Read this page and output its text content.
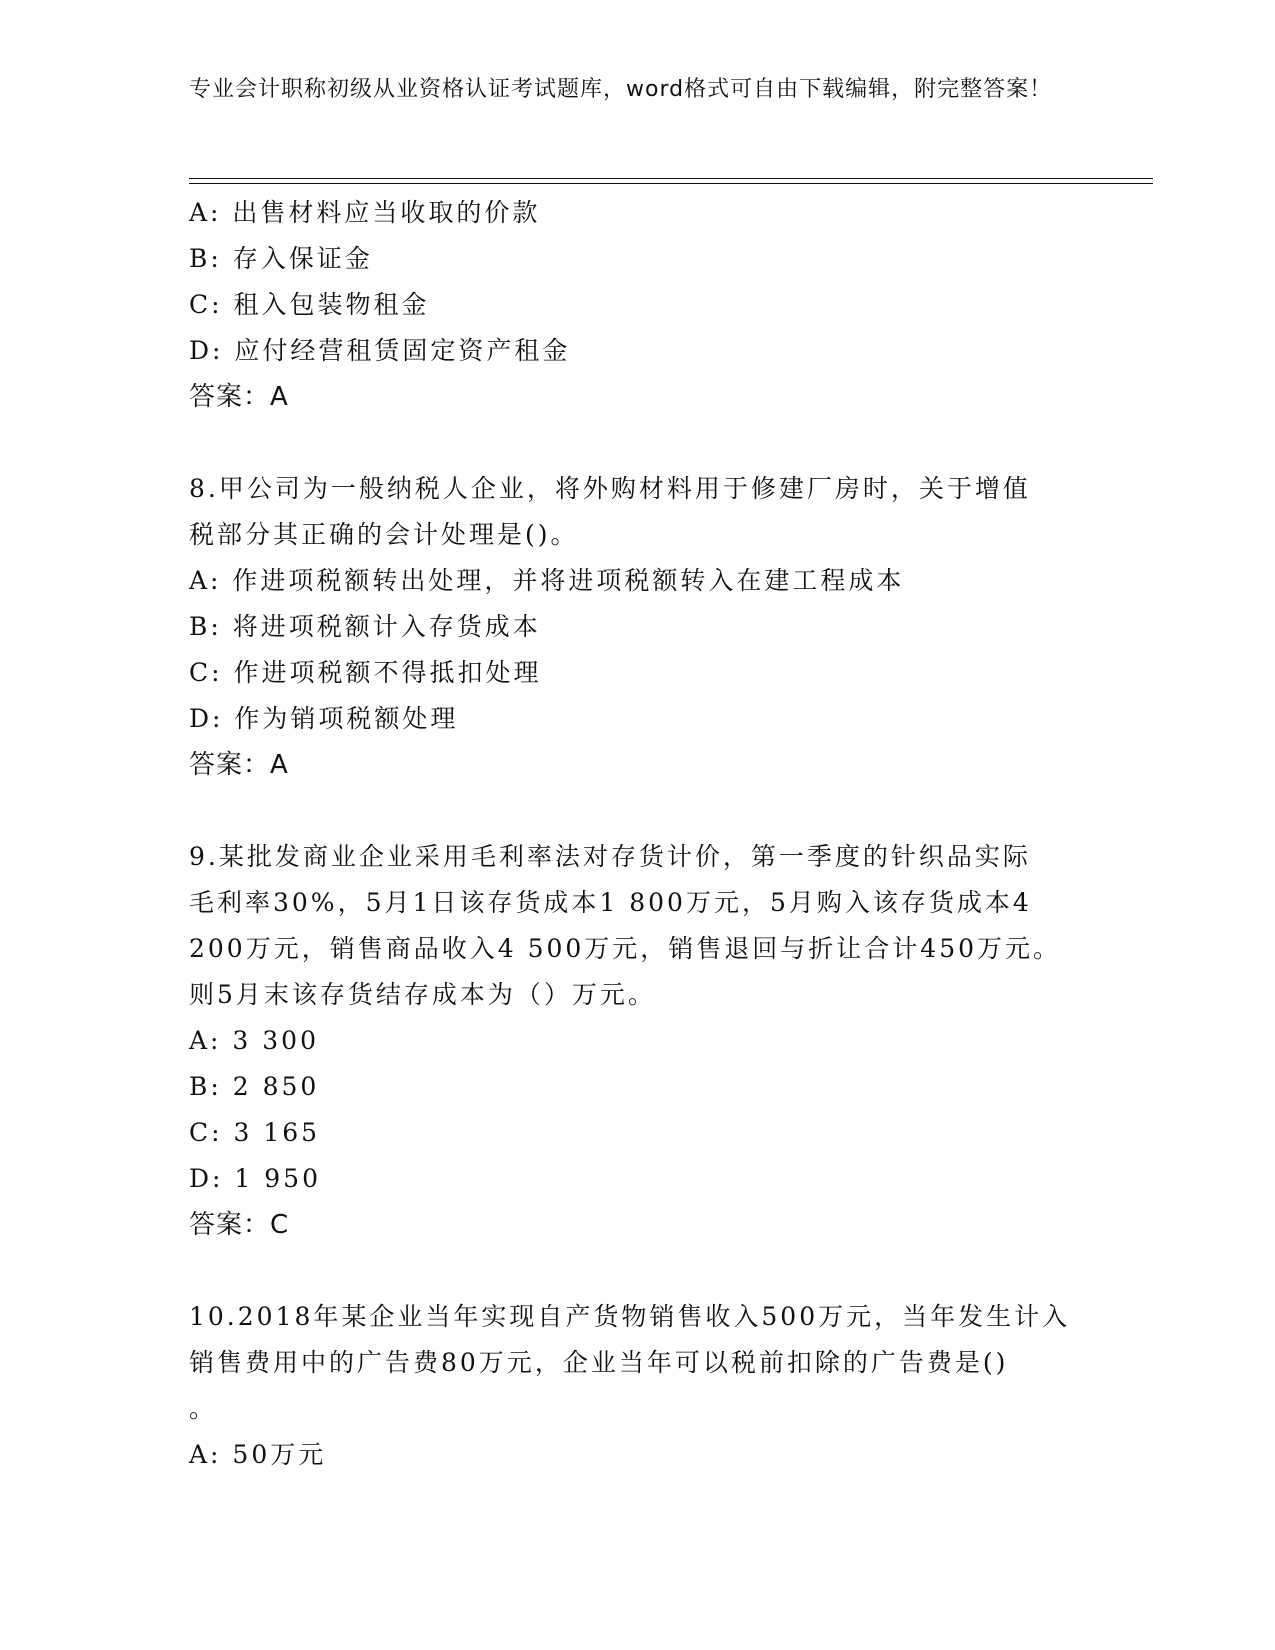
专业会计职称初级从业资格认证考试题库，word格式可自由下载编辑，附完整答案！
A: 出售材料应当收取的价款
B: 存入保证金
C: 租入包装物租金
D: 应付经营租赁固定资产租金
答案：A
8.甲公司为一般纳税人企业，将外购材料用于修建厂房时，关于增值
税部分其正确的会计处理是()。
A: 作进项税额转出处理，并将进项税额转入在建工程成本
B: 将进项税额计入存货成本
C: 作进项税额不得抵扣处理
D: 作为销项税额处理
答案：A
9.某批发商业企业采用毛利率法对存货计价，第一季度的针织品实际
毛利率30%，5月1日该存货成本1 800万元，5月购入该存货成本4
200万元，销售商品收入4 500万元，销售退回与折让合计450万元。
则5月末该存货结存成本为（）万元。
A: 3 300
B: 2 850
C: 3 165
D: 1 950
答案：C
10.2018年某企业当年实现自产货物销售收入500万元，当年发生计入
销售费用中的广告费80万元，企业当年可以税前扣除的广告费是()
。
A: 50万元
